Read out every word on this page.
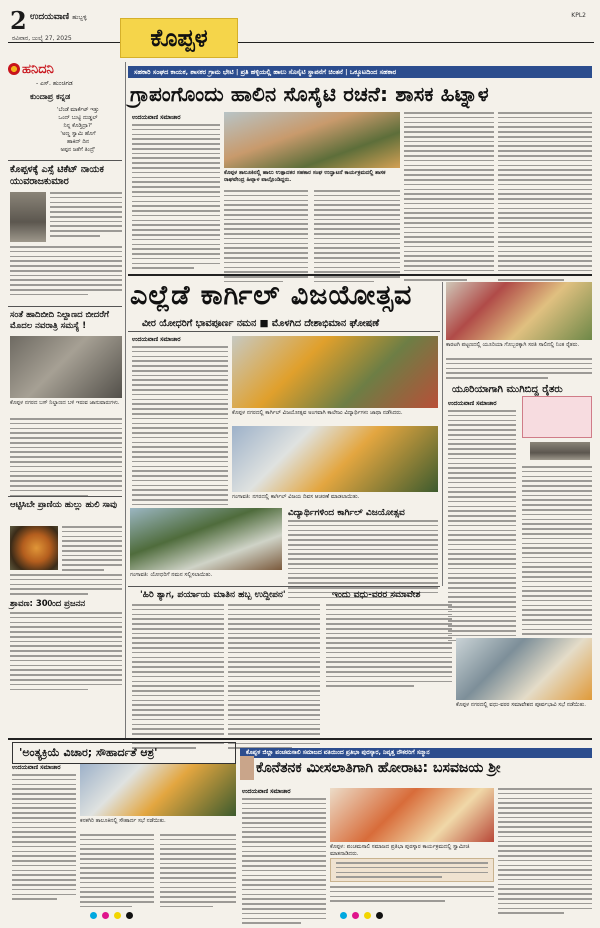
2 ಉದಯವಾಣಿ ಹುಬ್ಬಳ್ಳಿ
ರವಿವಾರ, ಜುಲೈ 27, 2025	ಕೊಪ್ಪಳ
KPL2
ಹನಿದನಿ
- ಎಸ್. ಹುಂಚಿಗಡ
ಕುಂದಾಪ್ರ ಕನ್ನಡ
'ಬೆಂಡೆ ಮಾರ್ಕೆಟ್ ಇತ್ತು
ಒಂದ್ ಬುಟ್ಟಿ ದುಡ್ಡಲ್
ನಿನ್ನ ಕೊಡ್ತಿದ್ರಾ?'
'ಅಣ್ಣ ಸ್ವಾಮಿ ಹೊಗೆ
ಹಾಕಿದ್ ದಿನ
ಅಪ್ಪನ ಜತೆಗೆ ತಿಂದ್ರೆ'
ಕೊಪ್ಪಳಕ್ಕೆ ಎಸ್ಸೆ ಟಿಕೆಟ್ ನಾಯಕ ಯುವರಾಜಕುಮಾರ
ಸಂತೆ ಹಾದಿಬೀದಿ ನಿಲ್ದಾಣದ ಬೀದರೆಗೆ ಮೊದಲ ನವರಾತ್ರಿ ಸಮಸ್ಯೆ !
ಕೊಪ್ಪಳ ನಗರದ ಬಸ್ ನಿಲ್ದಾಣದ ಬಳಿ ಇರುವ ಜಾನುವಾರುಗಳು.
ಆಟ್ಟಿಸಿಬೇ ಪ್ರಾಣಿಯ ಹುಲ್ಲು ಹುಲಿ ಸಾವು
ಶ್ರಾವಣ: 300ಂದ ಪ್ರಜನನ
ಸಹಕಾರಿ ಸಂಘದ ಕಾಯಕ, ಶಾಸಕರ ಗ್ರಾಮ ಭೇಟಿ | ಪ್ರತಿ ಹಳ್ಳಿಯಲ್ಲಿ ಹಾಲು ಸೊಸೈಟಿ ಸ್ಥಾಪನೆಗೆ ಚಿಂತನೆ | ಒಕ್ಕೂಟದಿಂದ ಸಹಕಾರ
ಗ್ರಾಪಂಗೊಂದು ಹಾಲಿನ ಸೊಸೈಟಿ ರಚನೆ: ಶಾಸಕ ಹಿಟ್ನಾಳ
ಉದಯವಾಣಿ ಸಮಾಚಾರ
ಕೊಪ್ಪಳ ತಾಲೂಕಿನಲ್ಲಿ ಹಾಲು ಉತ್ಪಾದಕರ ಸಹಕಾರ ಸಂಘ ಉದ್ಘಾಟನೆ ಕಾರ್ಯಕ್ರಮದಲ್ಲಿ ಶಾಸಕ ರಾಘವೇಂದ್ರ ಹಿಟ್ನಾಳ ಪಾಲ್ಗೊಂಡಿದ್ದರು.
ಎಲ್ಲೆಡೆ ಕಾರ್ಗಿಲ್ ವಿಜಯೋತ್ಸವ
ವೀರ ಯೋಧರಿಗೆ ಭಾವಪೂರ್ಣ ನಮನ ■ ಮೊಳಗಿದ ದೇಶಾಭಿಮಾನ ಘೋಷಣೆ
ಉದಯವಾಣಿ ಸಮಾಚಾರ
ಕೊಪ್ಪಳ ನಗರದಲ್ಲಿ ಕಾರ್ಗಿಲ್ ವಿಜಯೋತ್ಸವ ಅಂಗವಾಗಿ ಕಾಲೇಜು ವಿದ್ಯಾರ್ಥಿಗಳು ಜಾಥಾ ನಡೆಸಿದರು.
ಗಂಗಾವತಿ: ನಗರದಲ್ಲಿ ಕಾರ್ಗಿಲ್ ವಿಜಯ ದಿವಸ ಆಚರಣೆ ಮಾಡಲಾಯಿತು.
ಗಂಗಾವತಿ: ಯೋಧರಿಗೆ ನಮನ ಸಲ್ಲಿಸಲಾಯಿತು.
ವಿದ್ಯಾರ್ಥಿಗಳಿಂದ ಕಾರ್ಗಿಲ್ ವಿಜಯೋತ್ಸವ
'ಹಿರಿ ತ್ಯಾಗ, ಪರ್ಯಾಯ ಮಾತಿನ ಹಬ್ಬ ಉದ್ದೀಪನ'	ಇಂದು ವಧು-ವರರ ಸಮಾವೇಶ
ಕಾರಟಗಿ ಪಟ್ಟಣದಲ್ಲಿ ಯೂರಿಯಾ ಗೊಬ್ಬರಕ್ಕಾಗಿ ಸರತಿ ಸಾಲಿನಲ್ಲಿ ನಿಂತ ರೈತರು.
ಯೂರಿಯಾಗಾಗಿ ಮುಗಿಬಿದ್ದ ರೈತರು
ಉದಯವಾಣಿ ಸಮಾಚಾರ
ಕೊಪ್ಪಳ ನಗರದಲ್ಲಿ ವಧು-ವರರ ಸಮಾವೇಶದ ಪೂರ್ವಭಾವಿ ಸಭೆ ನಡೆಯಿತು.
'ಅಂತ್ಯಕ್ರಿಯೆ ವಿಚಾರ; ಸೌಹಾರ್ದತೆ ಆಶ್ರ'
ಉದಯವಾಣಿ ಸಮಾಚಾರ
ಕನಕಗಿರಿ ತಾಲೂಕಿನಲ್ಲಿ ಸೌಹಾರ್ದ ಸಭೆ ನಡೆಯಿತು.
ಕೊಪ್ಪಳ ಜಿಲ್ಲಾ ಪಂಚಮಸಾಲಿ ಸಮಾಜದ ವತಿಯಿಂದ ಪ್ರತಿಭಾ ಪುರಸ್ಕಾರ, ನಿವೃತ್ತ ನೌಕರರಿಗೆ ಸನ್ಮಾನ
ಕೊನೆತನಕ ಮೀಸಲಾತಿಗಾಗಿ ಹೋರಾಟ: ಬಸವಜಯ ಶ್ರೀ
ಉದಯವಾಣಿ ಸಮಾಚಾರ
ಕೊಪ್ಪಳ: ಪಂಚಮಸಾಲಿ ಸಮಾಜದ ಪ್ರತಿಭಾ ಪುರಸ್ಕಾರ ಕಾರ್ಯಕ್ರಮದಲ್ಲಿ ಸ್ವಾಮೀಜಿ ಮಾತನಾಡಿದರು.
